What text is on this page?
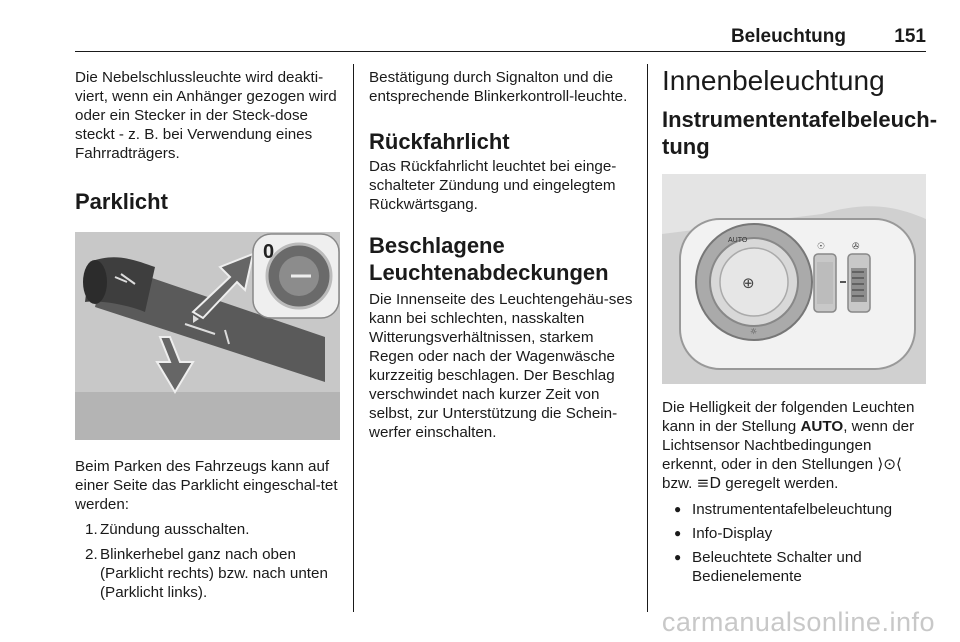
Beleuchtung	151

Die Nebelschlussleuchte wird deakti-viert, wenn ein Anhänger gezogen wird oder ein Stecker in der Steck-dose steckt - z. B. bei Verwendung eines Fahrradträgers.

Parklicht
0

Beim Parken des Fahrzeugs kann auf einer Seite das Parklicht eingeschal-tet werden:

1. Zündung ausschalten.
2. Blinkerhebel ganz nach oben (Parklicht rechts) bzw. nach unten (Parklicht links).

Bestätigung durch Signalton und die entsprechende Blinkerkontroll-leuchte.

Rückfahrlicht

Das Rückfahrlicht leuchtet bei einge-schalteter Zündung und eingelegtem Rückwärtsgang.

Beschlagene Leuchtenabdeckungen

Die Innenseite des Leuchtengehäu-ses kann bei schlechten, nasskalten Witterungsverhältnissen, starkem Regen oder nach der Wagenwäsche kurzzeitig beschlagen. Der Beschlag verschwindet nach kurzer Zeit von selbst, zur Unterstützung die Schein-werfer einschalten.

Innenbeleuchtung
Instrumententafelbeleuch-tung
⊕
AUTO
☼
☉	✇

Die Helligkeit der folgenden Leuchten kann in der Stellung AUTO, wenn der Lichtsensor Nachtbedingungen erkennt, oder in den Stellungen ⟩⊙⟨ bzw. ≡D geregelt werden.

● Instrumententafelbeleuchtung
● Info-Display
● Beleuchtete Schalter und Bedienelemente
carmanualsonline.info
